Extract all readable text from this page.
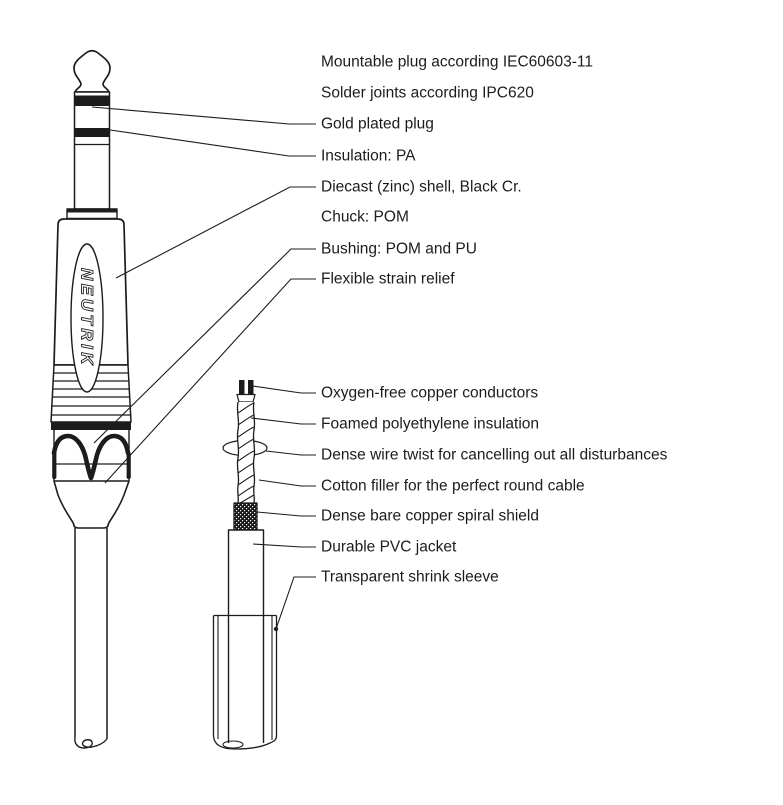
NEUTRIK
Mountable plug according IEC60603-11
Solder joints according IPC620
Gold plated plug
Insulation: PA
Diecast (zinc) shell, Black Cr.
Chuck: POM
Bushing: POM and PU
Flexible strain relief
Oxygen-free copper conductors
Foamed polyethylene insulation
Dense wire twist for cancelling out all disturbances
Cotton filler for the perfect round cable
Dense bare copper spiral shield
Durable PVC jacket
Transparent shrink sleeve
